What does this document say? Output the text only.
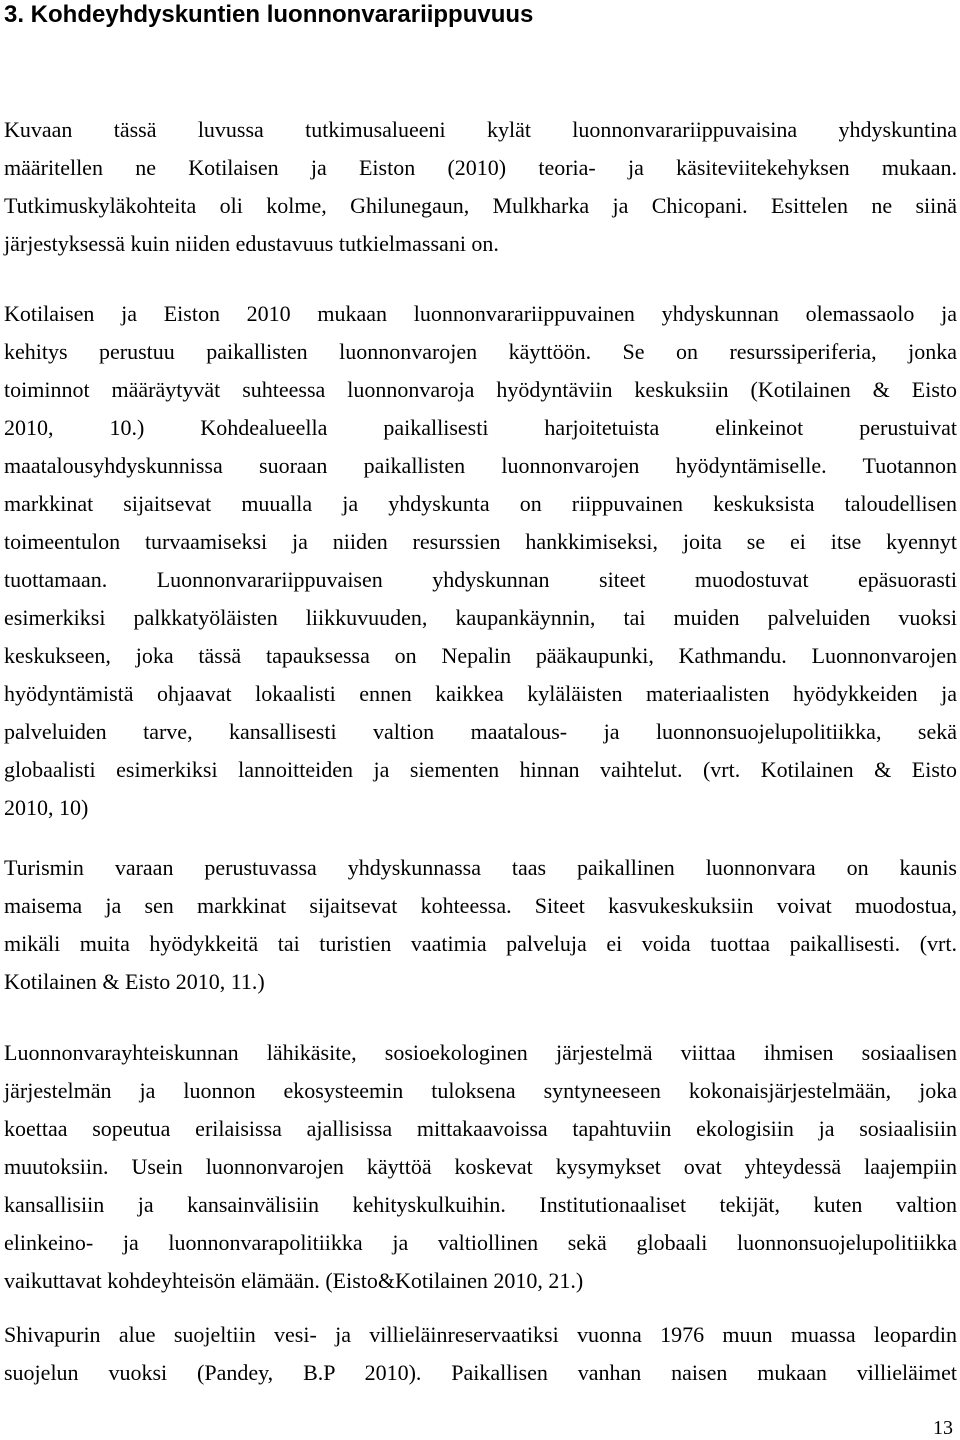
3. Kohdeyhdyskuntien luonnonvarariippuvuus
Kuvaan tässä luvussa tutkimusalueeni kylät luonnonvarariippuvaisina yhdyskuntina
määritellen ne Kotilaisen ja Eiston (2010) teoria- ja käsiteviitekehyksen mukaan.
Tutkimuskyläkohteita oli kolme, Ghilunegaun, Mulkharka ja Chicopani. Esittelen ne siinä
järjestyksessä kuin niiden edustavuus tutkielmassani on.
Kotilaisen ja Eiston 2010 mukaan luonnonvarariippuvainen yhdyskunnan olemassaolo ja
kehitys perustuu paikallisten luonnonvarojen käyttöön. Se on resurssiperiferia, jonka
toiminnot määräytyvät suhteessa luonnonvaroja hyödyntäviin keskuksiin (Kotilainen & Eisto
2010, 10.) Kohdealueella paikallisesti harjoitetuista elinkeinot perustuivat
maatalousyhdyskunnissa suoraan paikallisten luonnonvarojen hyödyntämiselle. Tuotannon
markkinat sijaitsevat muualla ja yhdyskunta on riippuvainen keskuksista taloudellisen
toimeentulon turvaamiseksi ja niiden resurssien hankkimiseksi, joita se ei itse kyennyt
tuottamaan. Luonnonvarariippuvaisen yhdyskunnan siteet muodostuvat epäsuorasti
esimerkiksi palkkatyöläisten liikkuvuuden, kaupankäynnin, tai muiden palveluiden vuoksi
keskukseen, joka tässä tapauksessa on Nepalin pääkaupunki, Kathmandu. Luonnonvarojen
hyödyntämistä ohjaavat lokaalisti ennen kaikkea kyläläisten materiaalisten hyödykkeiden ja
palveluiden tarve, kansallisesti valtion maatalous- ja luonnonsuojelupolitiikka, sekä
globaalisti esimerkiksi lannoitteiden ja siementen hinnan vaihtelut. (vrt. Kotilainen & Eisto
2010, 10)
Turismin varaan perustuvassa yhdyskunnassa taas paikallinen luonnonvara on kaunis
maisema ja sen markkinat sijaitsevat kohteessa. Siteet kasvukeskuksiin voivat muodostua,
mikäli muita hyödykkeitä tai turistien vaatimia palveluja ei voida tuottaa paikallisesti. (vrt.
Kotilainen & Eisto 2010, 11.)
Luonnonvarayhteiskunnan lähikäsite, sosioekologinen järjestelmä viittaa ihmisen sosiaalisen
järjestelmän ja luonnon ekosysteemin tuloksena syntyneeseen kokonaisjärjestelmään, joka
koettaa sopeutua erilaisissa ajallisissa mittakaavoissa tapahtuviin ekologisiin ja sosiaalisiin
muutoksiin. Usein luonnonvarojen käyttöä koskevat kysymykset ovat yhteydessä laajempiin
kansallisiin ja kansainvälisiin kehityskulkuihin. Institutionaaliset tekijät, kuten valtion
elinkeino- ja luonnonvarapolitiikka ja valtiollinen sekä globaali luonnonsuojelupolitiikka
vaikuttavat kohdeyhteisön elämään. (Eisto&Kotilainen 2010, 21.)
Shivapurin alue suojeltiin vesi- ja villieläinreservaatiksi vuonna 1976 muun muassa leopardin
suojelun vuoksi (Pandey, B.P 2010). Paikallisen vanhan naisen mukaan villieläimet

13
